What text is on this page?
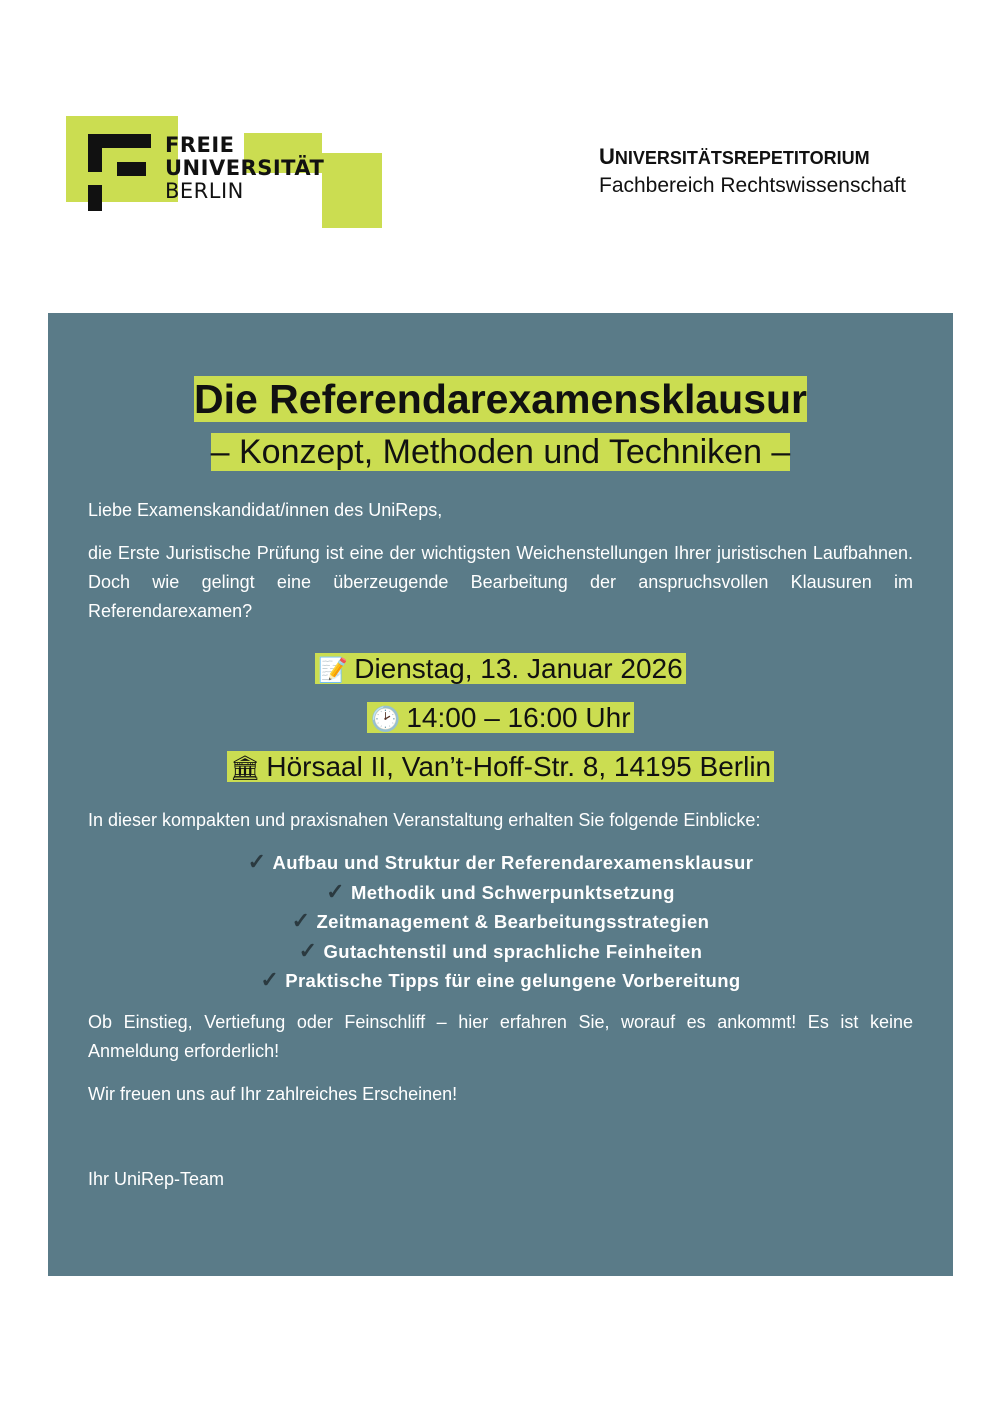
FREIE
UNIVERSITÄT
BERLIN
UNIVERSITÄTSREPETITORIUM
Fachbereich Rechtswissenschaft
Die Referendarexamensklausur
– Konzept, Methoden und Techniken –
Liebe Examenskandidat/innen des UniReps,
die Erste Juristische Prüfung ist eine der wichtigsten Weichenstellungen Ihrer juristischen Laufbahnen. Doch wie gelingt eine überzeugende Bearbeitung der anspruchsvollen Klausuren im Referendarexamen?
📝 Dienstag, 13. Januar 2026
🕑 14:00 – 16:00 Uhr
🏛 Hörsaal II, Van’t-Hoff-Str. 8, 14195 Berlin
In dieser kompakten und praxisnahen Veranstaltung erhalten Sie folgende Einblicke:
✓ Aufbau und Struktur der Referendarexamensklausur
✓ Methodik und Schwerpunktsetzung
✓ Zeitmanagement & Bearbeitungsstrategien
✓ Gutachtenstil und sprachliche Feinheiten
✓ Praktische Tipps für eine gelungene Vorbereitung
Ob Einstieg, Vertiefung oder Feinschliff – hier erfahren Sie, worauf es ankommt! Es ist keine Anmeldung erforderlich!
Wir freuen uns auf Ihr zahlreiches Erscheinen!
Ihr UniRep-Team
